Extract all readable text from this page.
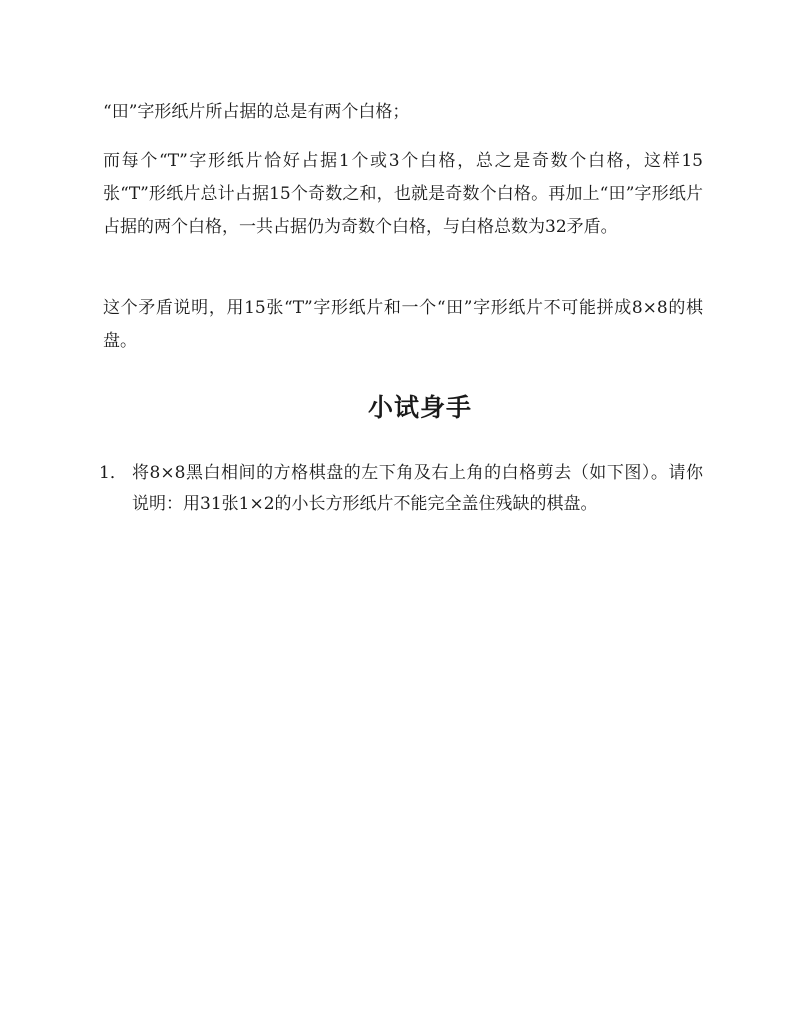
“田”字形纸片所占据的总是有两个白格；

而每个“T”字形纸片恰好占据1个或3个白格，总之是奇数个白格，这样15张“T”形纸片总计占据15个奇数之和，也就是奇数个白格。再加上“田”字形纸片占据的两个白格，一共占据仍为奇数个白格，与白格总数为32矛盾。

这个矛盾说明，用15张“T”字形纸片和一个“田”字形纸片不可能拼成8×8的棋盘。

小试身手
1． 将8×8黑白相间的方格棋盘的左下角及右上角的白格剪去（如下图）。请你说明：用31张1×2的小长方形纸片不能完全盖住残缺的棋盘。
